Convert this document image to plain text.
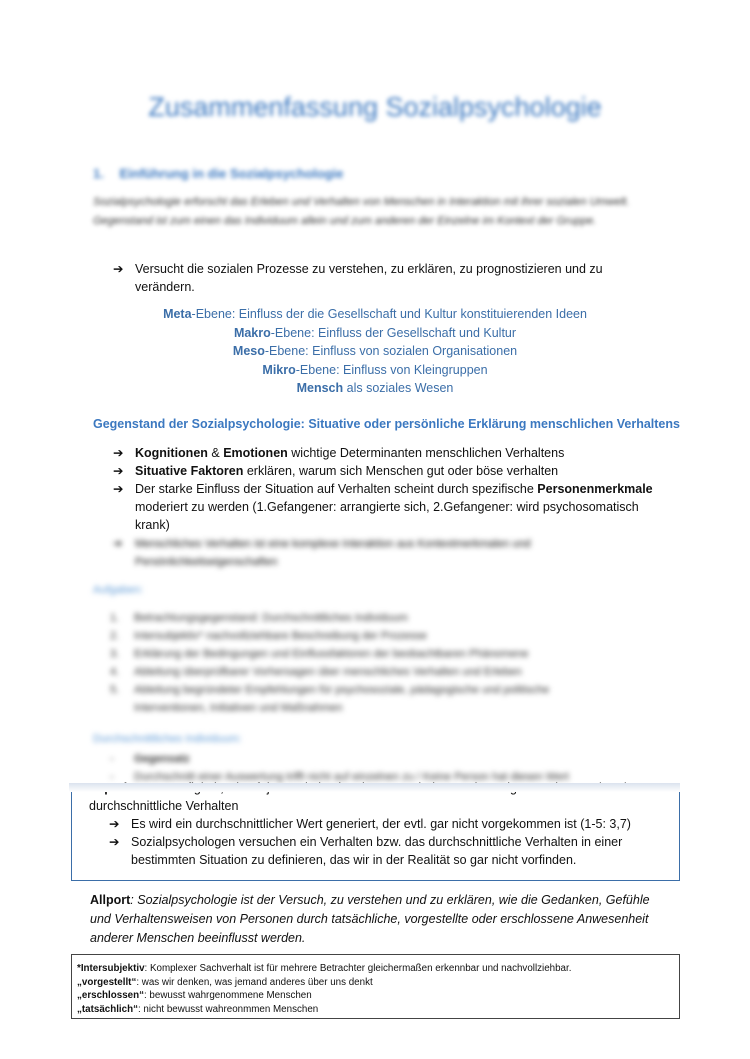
Zusammenfassung Sozialpsychologie
1. Einführung in die Sozialpsychologie
Sozialpsychologie erforscht das Erleben und Verhalten von Menschen in Interaktion mit ihrer sozialen Umwelt. Gegenstand ist zum einen das Individuum allein und zum anderen der Einzelne im Kontext der Gruppe.
➔ Versucht die sozialen Prozesse zu verstehen, zu erklären, zu prognostizieren und zu verändern.
Meta-Ebene: Einfluss der die Gesellschaft und Kultur konstituierenden Ideen
Makro-Ebene: Einfluss der Gesellschaft und Kultur
Meso-Ebene: Einfluss von sozialen Organisationen
Mikro-Ebene: Einfluss von Kleingruppen
Mensch als soziales Wesen
Gegenstand der Sozialpsychologie: Situative oder persönliche Erklärung menschlichen Verhaltens
➔ Kognitionen & Emotionen wichtige Determinanten menschlichen Verhaltens
➔ Situative Faktoren erklären, warum sich Menschen gut oder böse verhalten
➔ Der starke Einfluss der Situation auf Verhalten scheint durch spezifische Personenmerkmale moderiert zu werden (1.Gefangener: arrangierte sich, 2.Gefangener: wird psychosomatisch krank)
➔	Menschliches Verhalten ist eine komplexe Interaktion aus Kontextmerkmalen und Persönlichkeitseigenschaften
Aufgaben:
1. Betrachtungsgegenstand: Durchschnittliches Individuum
2. Intersubjektiv* nachvollziehbare Beschreibung der Prozesse
3. Erklärung der Bedingungen und Einflussfaktoren der beobachtbaren Phänomene
4. Ableitung überprüfbarer Vorhersagen über menschliches Verhalten und Erleben
5. Ableitung begründeter Empfehlungen für psychosoziale, pädagogische und politische Interventionen, Initiativen und Maßnahmen
Durchschnittliches Individuum:
- Gegensatz
- Durchschnitt einer Auswertung trifft nicht auf einzelnen zu / Keine Person hat diesen Wert
durchschnittliche Verhalten
➔ Es wird ein durchschnittlicher Wert generiert, der evtl. gar nicht vorgekommen ist (1-5: 3,7)
➔ Sozialpsychologen versuchen ein Verhalten bzw. das durchschnittliche Verhalten in einer bestimmten Situation zu definieren, das wir in der Realität so gar nicht vorfinden.
Allport: Sozialpsychologie ist der Versuch, zu verstehen und zu erklären, wie die Gedanken, Gefühle und Verhaltensweisen von Personen durch tatsächliche, vorgestellte oder erschlossene Anwesenheit anderer Menschen beeinflusst werden.
*Intersubjektiv: Komplexer Sachverhalt ist für mehrere Betrachter gleichermaßen erkennbar und nachvollziehbar.
„vorgestellt“: was wir denken, was jemand anderes über uns denkt
„erschlossen“: bewusst wahrgenommene Menschen
„tatsächlich“: nicht bewusst wahreonmmen Menschen
